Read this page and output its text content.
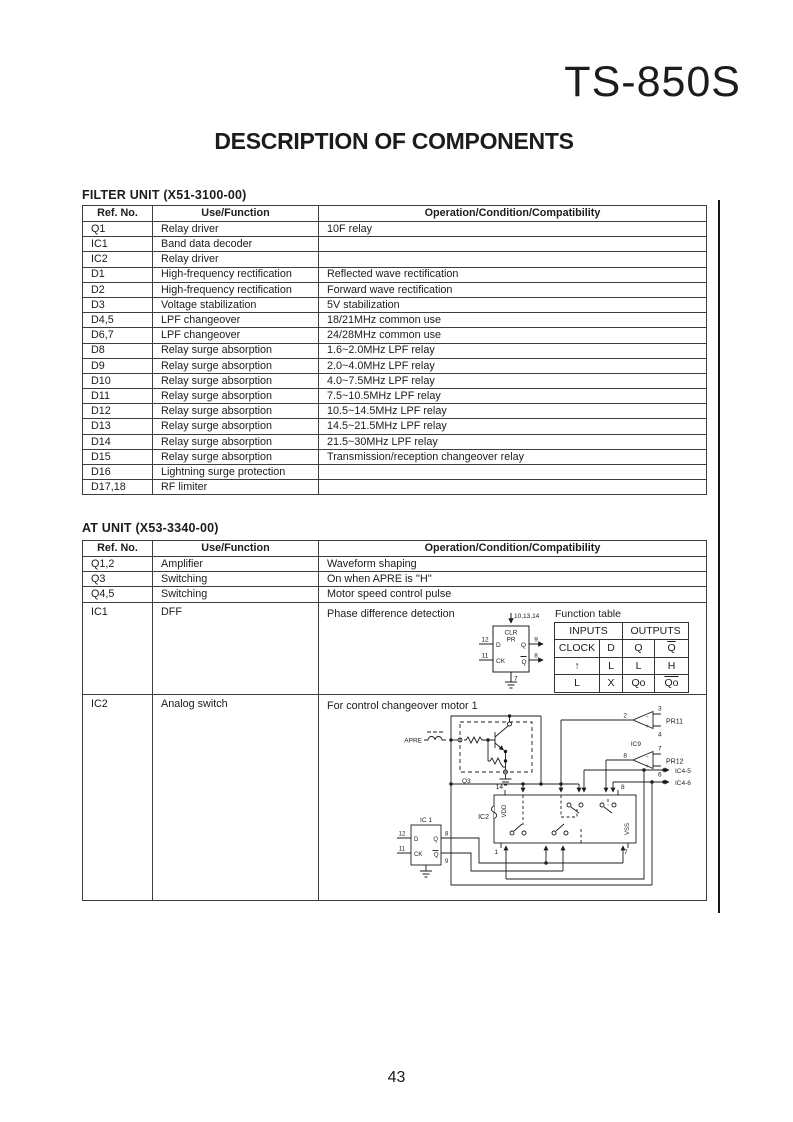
TS-850S
DESCRIPTION OF COMPONENTS
FILTER UNIT (X51-3100-00)
Ref. No.	Use/Function	Operation/Condition/Compatibility
Q1	Relay driver	10F relay
IC1	Band data decoder	
IC2	Relay driver	
D1	High-frequency rectification	Reflected wave rectification
D2	High-frequency rectification	Forward wave rectification
D3	Voltage stabilization	5V stabilization
D4,5	LPF changeover	18/21MHz common use
D6,7	LPF changeover	24/28MHz common use
D8	Relay surge absorption	1.6~2.0MHz LPF relay
D9	Relay surge absorption	2.0~4.0MHz LPF relay
D10	Relay surge absorption	4.0~7.5MHz LPF relay
D11	Relay surge absorption	7.5~10.5MHz LPF relay
D12	Relay surge absorption	10.5~14.5MHz LPF relay
D13	Relay surge absorption	14.5~21.5MHz LPF relay
D14	Relay surge absorption	21.5~30MHz LPF relay
D15	Relay surge absorption	Transmission/reception changeover relay
D16	Lightning surge protection	
D17,18	RF limiter	
AT UNIT (X53-3340-00)
Ref. No.	Use/Function	Operation/Condition/Compatibility
Q1,2	Amplifier	Waveform shaping
Q3	Switching	On when APRE is ''H''
Q4,5	Switching	Motor speed control pulse
IC1	DFF	Phase difference detection	10,13,14
CLR
PR
12
D
11
CK
Q
9
Q
8
7
Function table
INPUTS	OUTPUTS
CLOCK	D	Q	$\overline{Q}$
↑	L	L	H
L	X	Qo	$\overline{Qo}$

IC2	Analog switch	For control changeover motor 1
APRE
Q3
IC2
VDD
VSS
14	8
1	7
IC 1
12
11
D
CK
Q
Q
8
9
2
3
4
-
+
PR11
IC9
8
7
6
-
+
PR12
IC4-5
IC4-6
43
